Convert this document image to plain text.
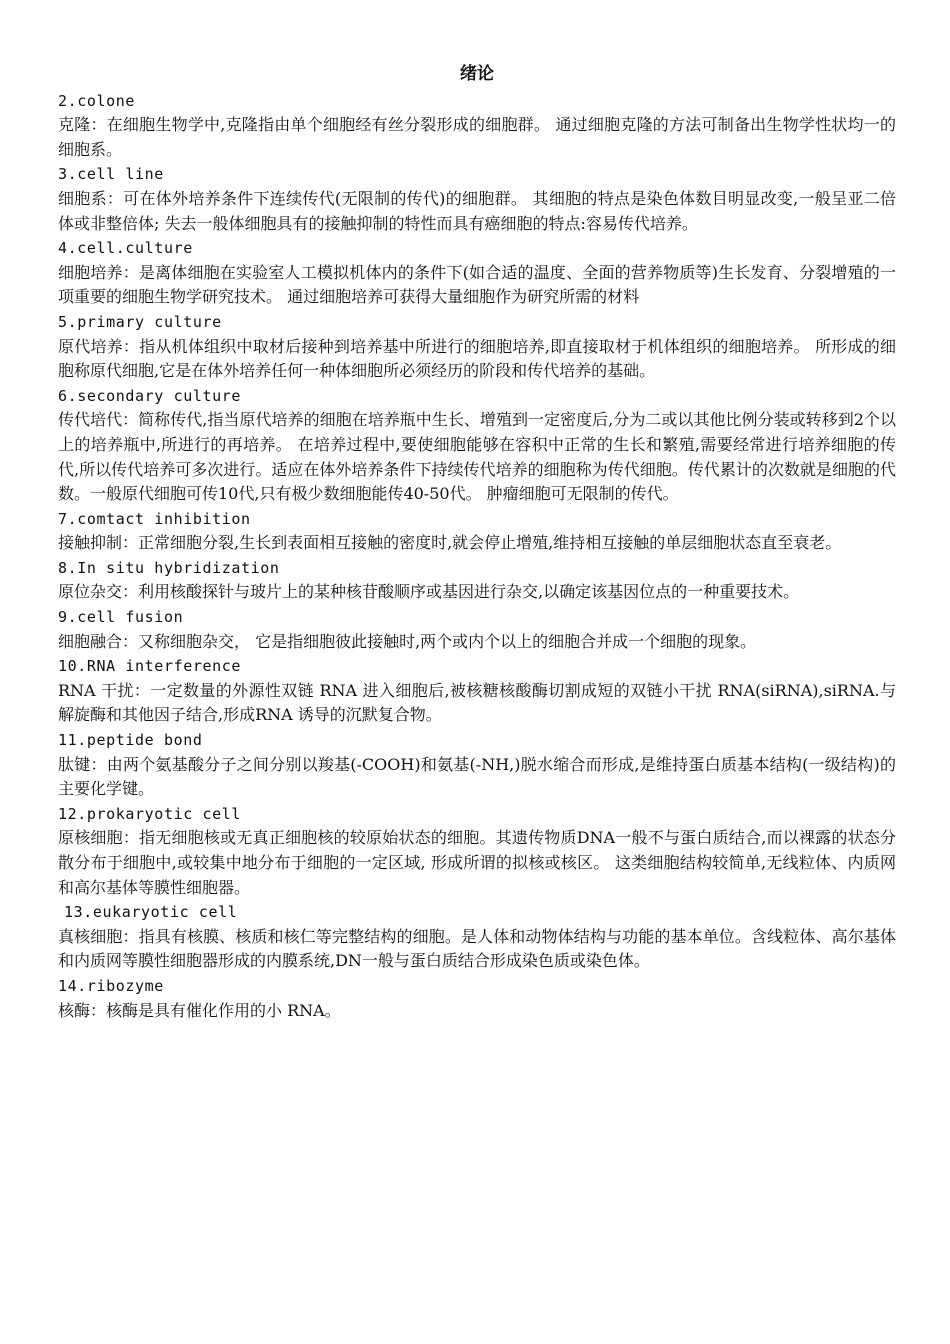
绪论
2.colone
克隆：在细胞生物学中,克隆指由单个细胞经有丝分裂形成的细胞群。 通过细胞克隆的方法可制备出生物学性状均一的细胞系。
3.cell line
细胞系：可在体外培养条件下连续传代(无限制的传代)的细胞群。 其细胞的特点是染色体数目明显改变,一般呈亚二倍体或非整倍体; 失去一般体细胞具有的接触抑制的特性而具有癌细胞的特点:容易传代培养。
4.cell.culture
细胞培养：是离体细胞在实验室人工模拟机体内的条件下(如合适的温度、全面的营养物质等)生长发育、分裂增殖的一项重要的细胞生物学研究技术。 通过细胞培养可获得大量细胞作为研究所需的材料
5.primary culture
原代培养：指从机体组织中取材后接种到培养基中所进行的细胞培养,即直接取材于机体组织的细胞培养。 所形成的细胞称原代细胞,它是在体外培养任何一种体细胞所必须经历的阶段和传代培养的基础。
6.secondary culture
传代培代：简称传代,指当原代培养的细胞在培养瓶中生长、增殖到一定密度后,分为二或以其他比例分装或转移到2个以上的培养瓶中,所进行的再培养。 在培养过程中,要使细胞能够在容积中正常的生长和繁殖,需要经常进行培养细胞的传代,所以传代培养可多次进行。适应在体外培养条件下持续传代培养的细胞称为传代细胞。传代累计的次数就是细胞的代数。一般原代细胞可传10代,只有极少数细胞能传40-50代。 肿瘤细胞可无限制的传代。
7.comtact inhibition
接触抑制：正常细胞分裂,生长到表面相互接触的密度时,就会停止增殖,维持相互接触的单层细胞状态直至衰老。
8.In situ hybridization
原位杂交：利用核酸探针与玻片上的某种核苷酸顺序或基因进行杂交,以确定该基因位点的一种重要技术。
9.cell fusion
细胞融合：又称细胞杂交， 它是指细胞彼此接触时,两个或内个以上的细胞合并成一个细胞的现象。
10.RNA interference
RNA 干扰：一定数量的外源性双链 RNA 进入细胞后,被核糖核酸酶切割成短的双链小干扰 RNA(siRNA),siRNA.与解旋酶和其他因子结合,形成RNA 诱导的沉默复合物。
11.peptide bond
肽键：由两个氨基酸分子之间分别以羧基(-COOH)和氨基(-NH,)脱水缩合而形成,是维持蛋白质基本结构(一级结构)的主要化学键。
12.prokaryotic cell
原核细胞：指无细胞核或无真正细胞核的较原始状态的细胞。其遗传物质DNA一般不与蛋白质结合,而以裸露的状态分散分布于细胞中,或较集中地分布于细胞的一定区域, 形成所谓的拟核或核区。 这类细胞结构较简单,无线粒体、内质网和高尔基体等膜性细胞器。
13.eukaryotic cell
真核细胞：指具有核膜、核质和核仁等完整结构的细胞。是人体和动物体结构与功能的基本单位。含线粒体、高尔基体和内质网等膜性细胞器形成的内膜系统,DN一般与蛋白质结合形成染色质或染色体。
14.ribozyme
核酶：核酶是具有催化作用的小 RNA。
